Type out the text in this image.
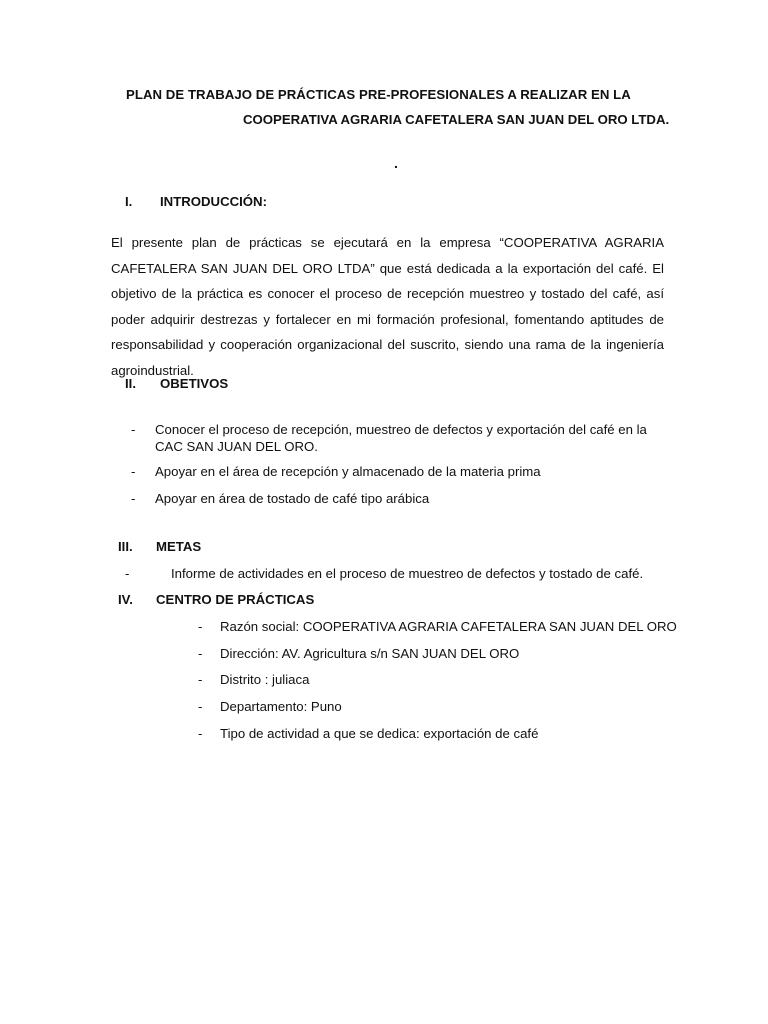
PLAN DE TRABAJO DE PRÁCTICAS PRE-PROFESIONALES A REALIZAR EN LA
COOPERATIVA AGRARIA CAFETALERA SAN JUAN DEL ORO LTDA.
.
I. INTRODUCCIÓN:
El presente plan de prácticas se ejecutará en la empresa “COOPERATIVA AGRARIA CAFETALERA SAN JUAN DEL ORO LTDA” que está dedicada a la exportación del café. El objetivo de la práctica es conocer el proceso de recepción muestreo y tostado del café, así poder adquirir destrezas y fortalecer en mi formación profesional, fomentando aptitudes de responsabilidad y cooperación organizacional del suscrito, siendo una rama de la ingeniería agroindustrial.
II. OBETIVOS
- Conocer el proceso de recepción, muestreo de defectos y exportación del café en la CAC SAN JUAN DEL ORO.
- Apoyar en el área de recepción y almacenado de la materia prima
- Apoyar en área de tostado de café tipo arábica
III. METAS
-	Informe de actividades en el proceso de muestreo de defectos y tostado de café.
IV. CENTRO DE PRÁCTICAS
- Razón social: COOPERATIVA AGRARIA CAFETALERA SAN JUAN DEL ORO
- Dirección: AV. Agricultura s/n SAN JUAN DEL ORO
- Distrito : juliaca
- Departamento: Puno
- Tipo de actividad a que se dedica: exportación de café
